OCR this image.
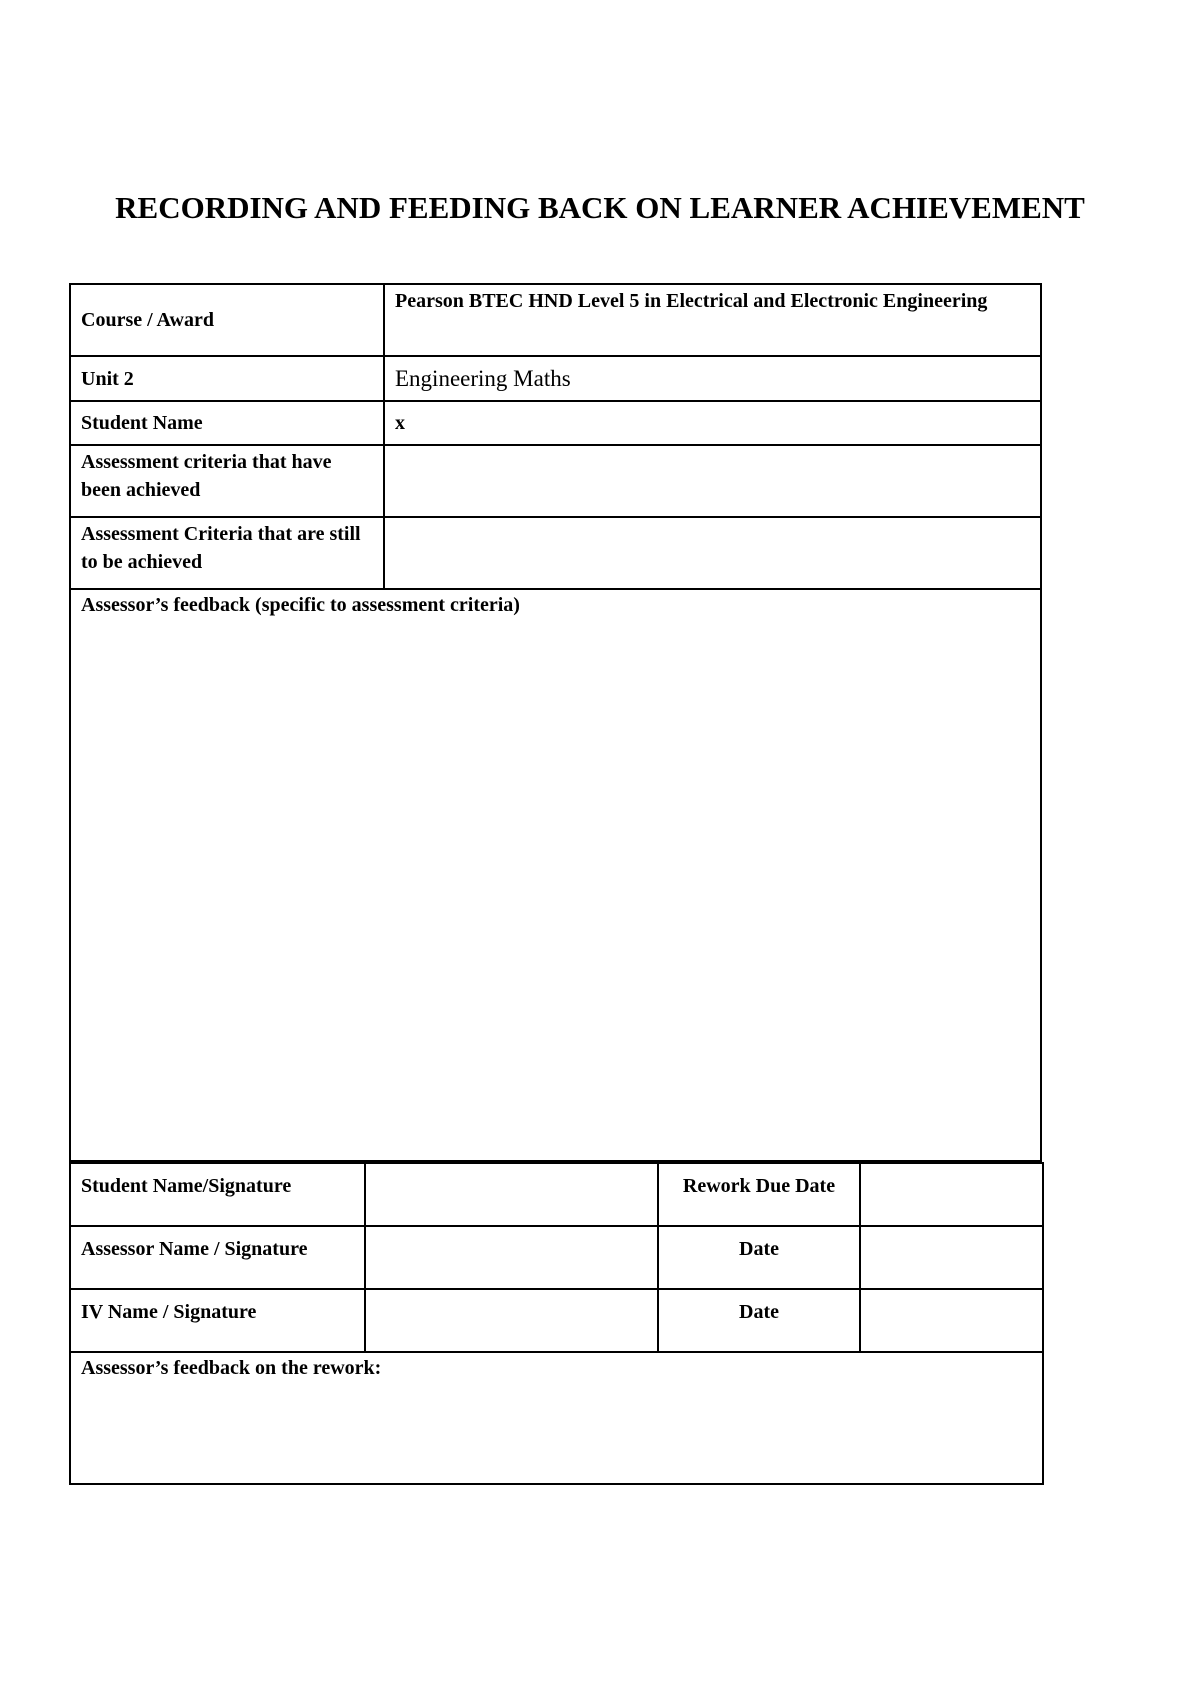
RECORDING AND FEEDING BACK ON LEARNER ACHIEVEMENT
Course / Award	Pearson BTEC HND Level 5 in Electrical and Electronic Engineering
Unit 2	Engineering Maths
Student Name	x
Assessment criteria that have been achieved	
Assessment Criteria that are still to be achieved	

Assessor’s feedback (specific to assessment criteria)	
Student Name/Signature		Rework Due Date	
Assessor Name / Signature		Date	
IV Name / Signature		Date	

Assessor’s feedback on the rework:			
